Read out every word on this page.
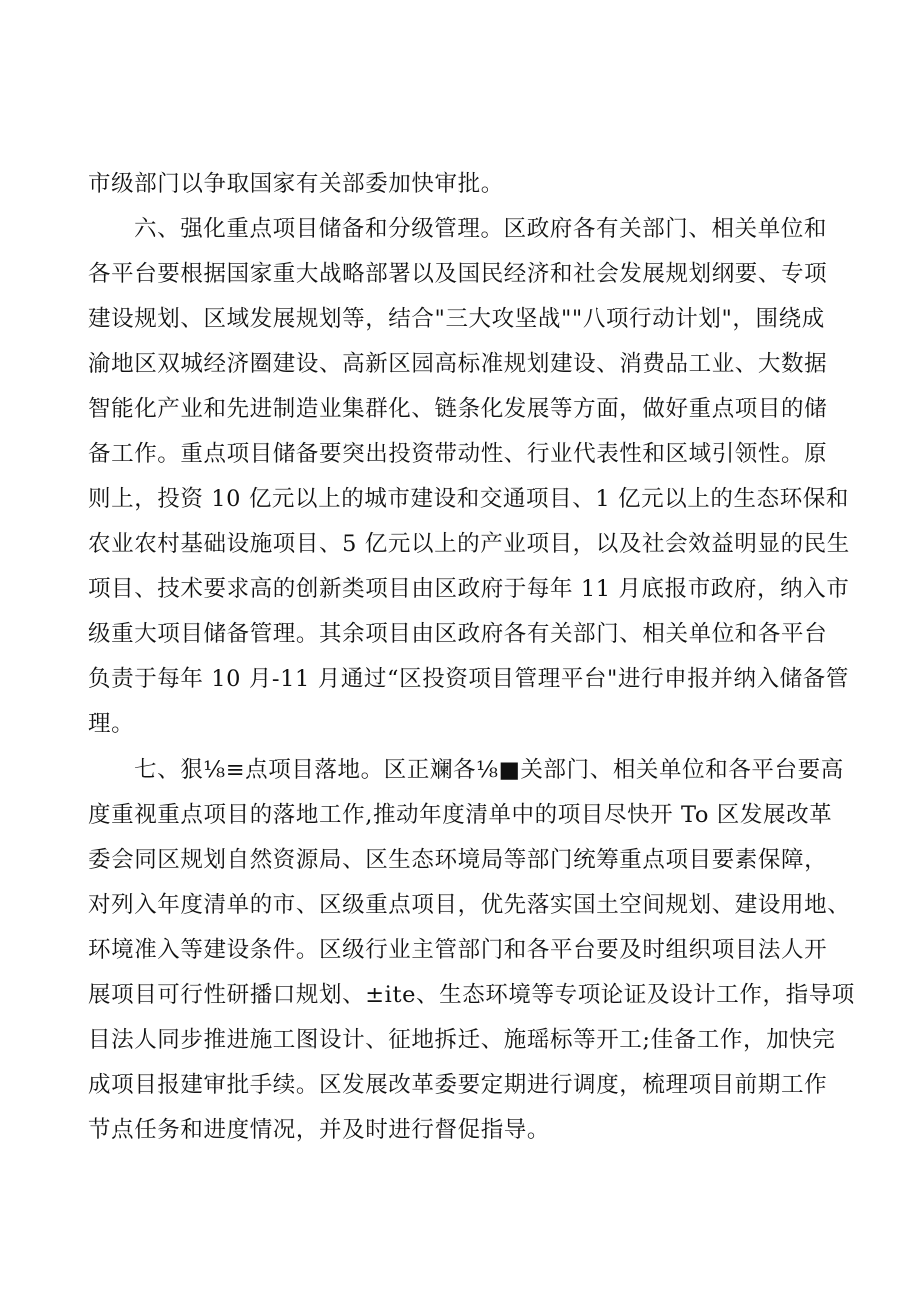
市级部门以争取国家有关部委加快审批。
六、强化重点项目储备和分级管理。区政府各有关部门、相关单位和
各平台要根据国家重大战略部署以及国民经济和社会发展规划纲要、专项
建设规划、区域发展规划等，结合"三大攻坚战""八项行动计划"，围绕成
渝地区双城经济圈建设、高新区园高标准规划建设、消费品工业、大数据
智能化产业和先进制造业集群化、链条化发展等方面，做好重点项目的储
备工作。重点项目储备要突出投资带动性、行业代表性和区域引领性。原
则上，投资 10 亿元以上的城市建设和交通项目、1 亿元以上的生态环保和
农业农村基础设施项目、5 亿元以上的产业项目，以及社会效益明显的民生
项目、技术要求高的创新类项目由区政府于每年 11 月底报市政府，纳入市
级重大项目储备管理。其余项目由区政府各有关部门、相关单位和各平台
负责于每年 10 月-11 月通过“区投资项目管理平台"进行申报并纳入储备管
理。
七、狠⅛≡点项目落地。区正斓各⅛■关部门、相关单位和各平台要高
度重视重点项目的落地工作,推动年度清单中的项目尽快开 To 区发展改革
委会同区规划自然资源局、区生态环境局等部门统筹重点项目要素保障，
对列入年度清单的市、区级重点项目，优先落实国土空间规划、建设用地、
环境准入等建设条件。区级行业主管部门和各平台要及时组织项目法人开
展项目可行性研播口规划、±ite、生态环境等专项论证及设计工作，指导项
目法人同步推进施工图设计、征地拆迁、施瑶标等开工;佳备工作，加快完
成项目报建审批手续。区发展改革委要定期进行调度，梳理项目前期工作
节点任务和进度情况，并及时进行督促指导。
